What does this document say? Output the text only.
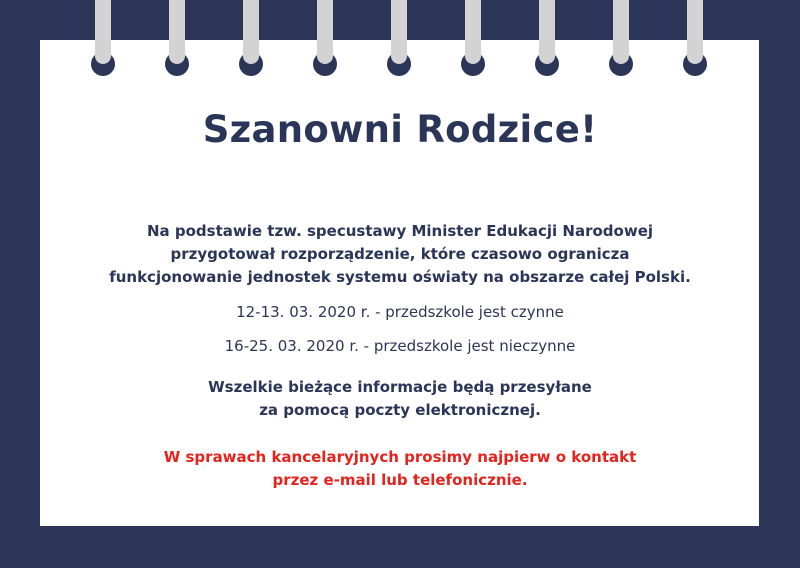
Szanowni Rodzice!
Na podstawie tzw. specustawy Minister Edukacji Narodowej
przygotował rozporządzenie, które czasowo ogranicza
funkcjonowanie jednostek systemu oświaty na obszarze całej Polski.
12-13. 03. 2020 r. - przedszkole jest czynne
16-25. 03. 2020 r. - przedszkole jest nieczynne
Wszelkie bieżące informacje będą przesyłane
za pomocą poczty elektronicznej.
W sprawach kancelaryjnych prosimy najpierw o kontakt
przez e-mail lub telefonicznie.
